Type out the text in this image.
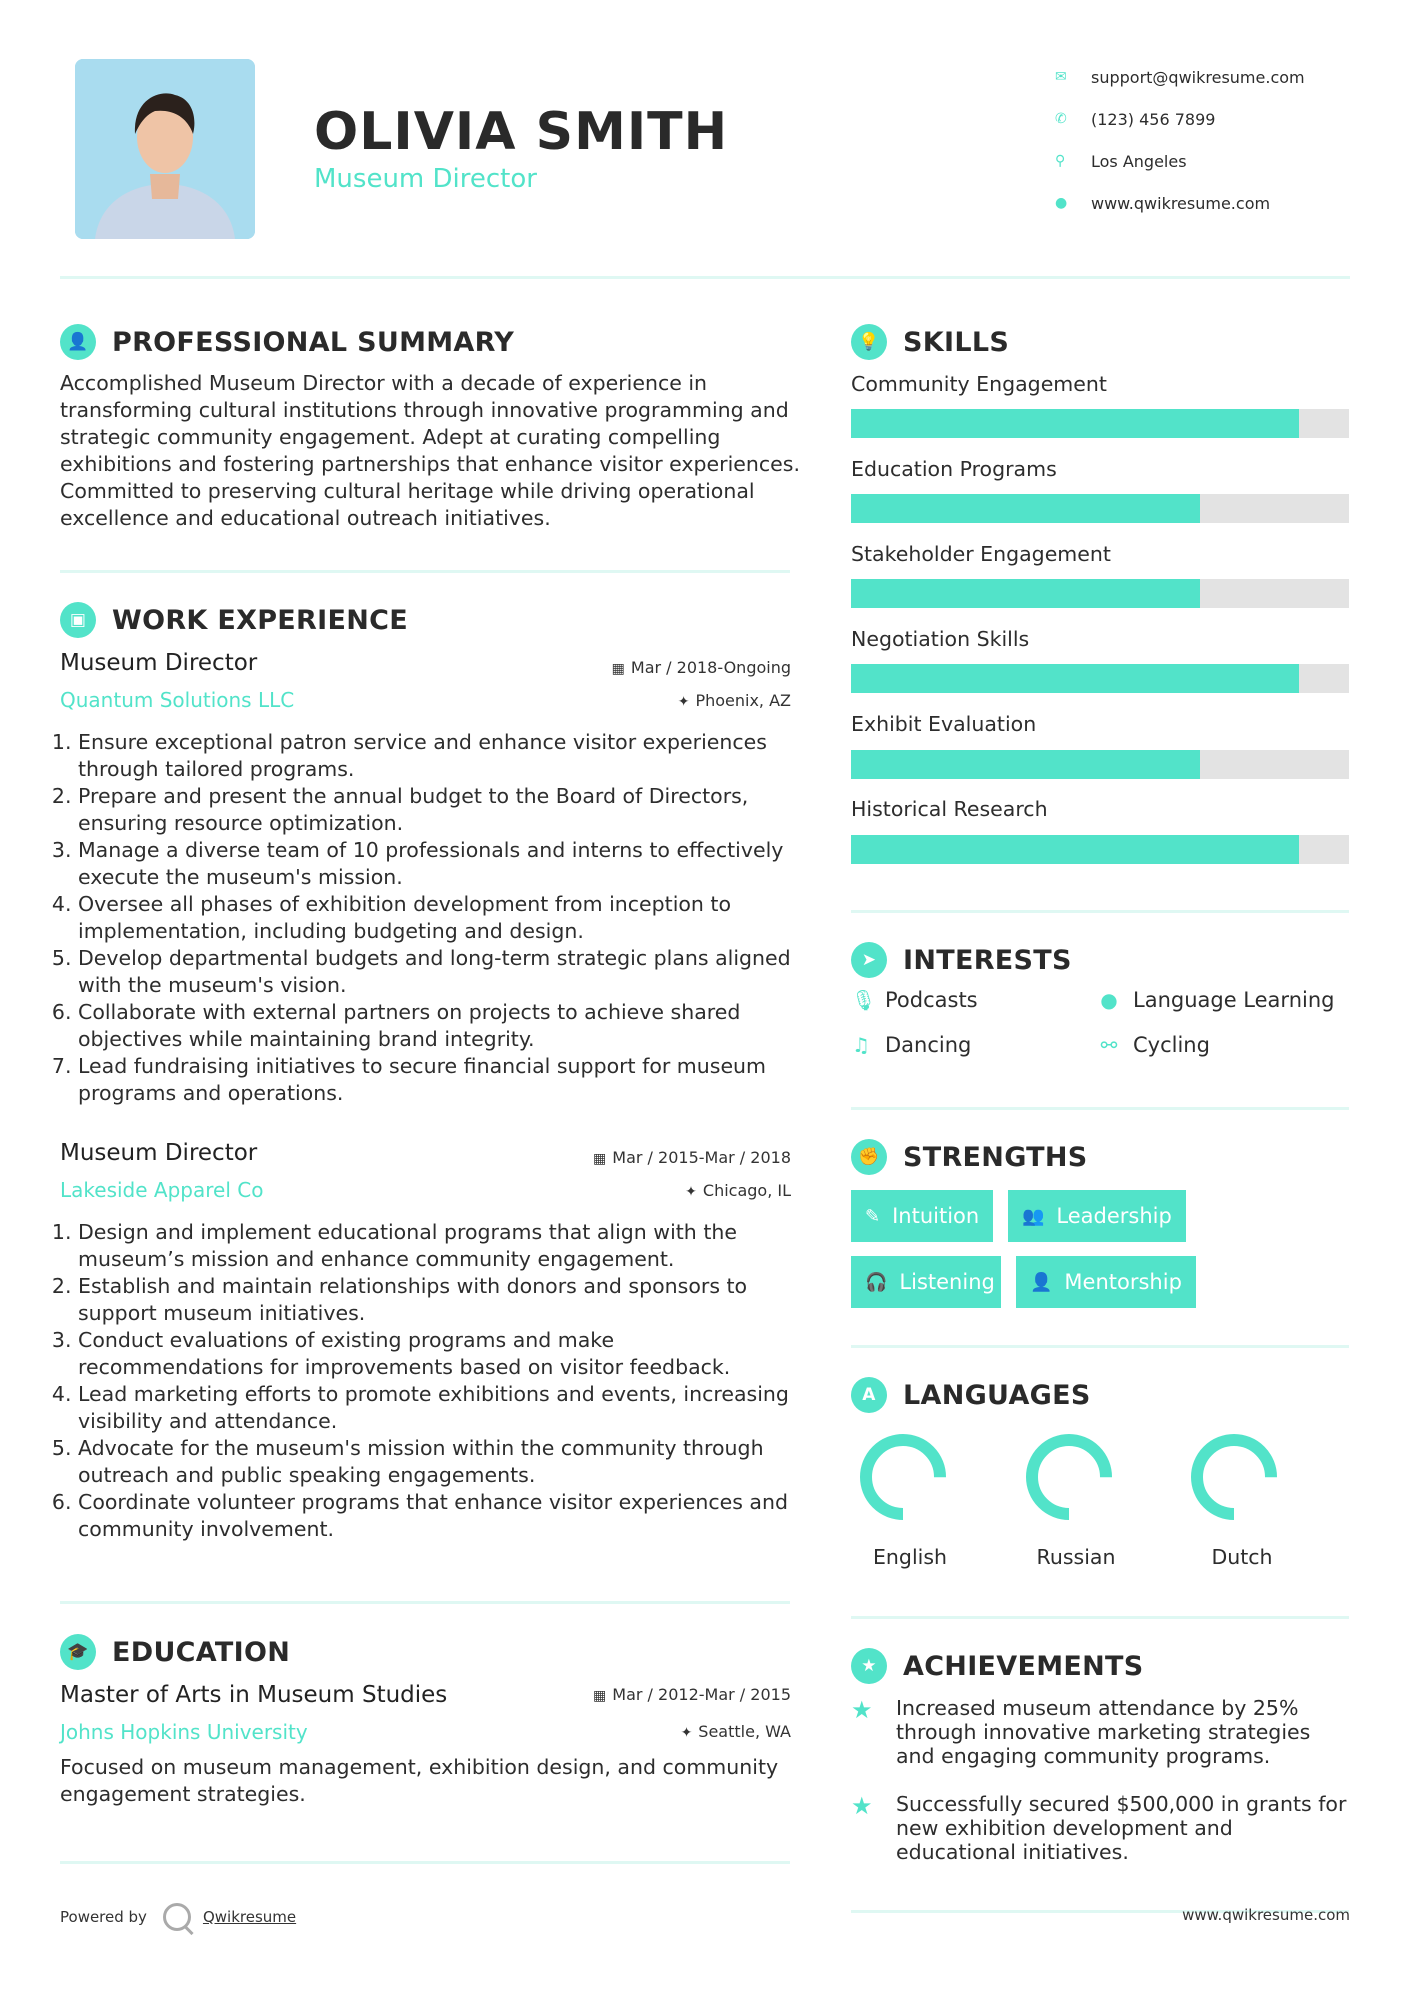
OLIVIA SMITH
Museum Director
✉	support@qwikresume.com
✆	(123) 456 7899
⚲	Los Angeles
●	www.qwikresume.com
👤 PROFESSIONAL SUMMARY
Accomplished Museum Director with a decade of experience in transforming cultural institutions through innovative programming and strategic community engagement. Adept at curating compelling exhibitions and fostering partnerships that enhance visitor experiences. Committed to preserving cultural heritage while driving operational excellence and educational outreach initiatives.
▣ WORK EXPERIENCE
Museum Director	▦ Mar / 2018-Ongoing
Quantum Solutions LLC	✦ Phoenix, AZ
1. Ensure exceptional patron service and enhance visitor experiences through tailored programs.
2. Prepare and present the annual budget to the Board of Directors, ensuring resource optimization.
3. Manage a diverse team of 10 professionals and interns to effectively execute the museum's mission.
4. Oversee all phases of exhibition development from inception to implementation, including budgeting and design.
5. Develop departmental budgets and long-term strategic plans aligned with the museum's vision.
6. Collaborate with external partners on projects to achieve shared objectives while maintaining brand integrity.
7. Lead fundraising initiatives to secure financial support for museum programs and operations.
Museum Director	▦ Mar / 2015-Mar / 2018
Lakeside Apparel Co	✦ Chicago, IL
1. Design and implement educational programs that align with the museum’s mission and enhance community engagement.
2. Establish and maintain relationships with donors and sponsors to support museum initiatives.
3. Conduct evaluations of existing programs and make recommendations for improvements based on visitor feedback.
4. Lead marketing efforts to promote exhibitions and events, increasing visibility and attendance.
5. Advocate for the museum's mission within the community through outreach and public speaking engagements.
6. Coordinate volunteer programs that enhance visitor experiences and community involvement.
🎓 EDUCATION
Master of Arts in Museum Studies	▦ Mar / 2012-Mar / 2015
Johns Hopkins University	✦ Seattle, WA
Focused on museum management, exhibition design, and community engagement strategies.
💡 SKILLS
Community Engagement
Education Programs
Stakeholder Engagement
Negotiation Skills
Exhibit Evaluation
Historical Research
➤ INTERESTS
🎙 Podcasts	● Language Learning
♫ Dancing	⚯ Cycling
✊ STRENGTHS
✎ Intuition 👥 Leadership
🎧 Listening 👤 Mentorship
A	LANGUAGES
English	Russian	Dutch
★ ACHIEVEMENTS
★	Increased museum attendance by 25% through innovative marketing strategies and engaging community programs.
★	Successfully secured $500,000 in grants for new exhibition development and educational initiatives.
Powered by	Qwikresume	www.qwikresume.com
